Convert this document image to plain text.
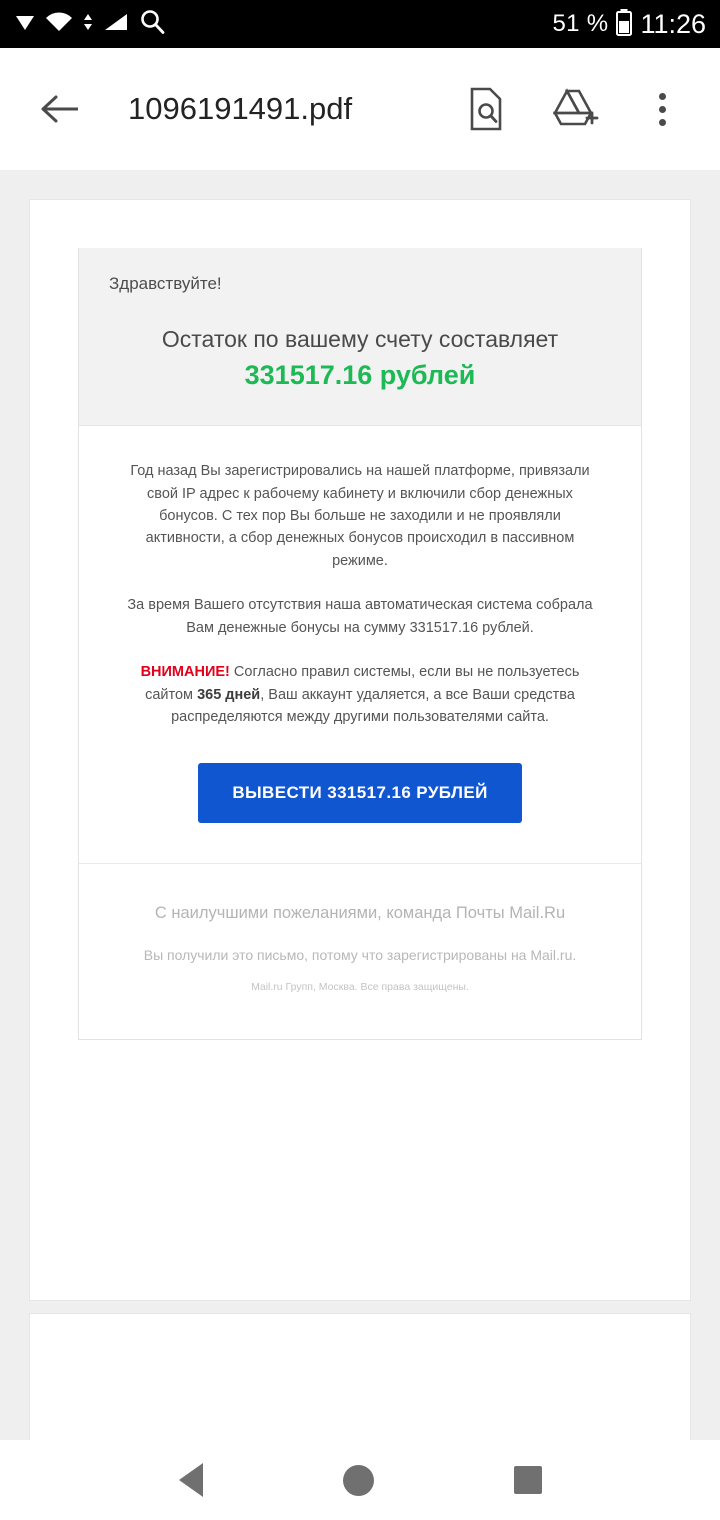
51 % 11:26
1096191491.pdf
Здравствуйте!
Остаток по вашему счету составляет
331517.16 рублей
Год назад Вы зарегистрировались на нашей платформе, привязали свой IP адрес к рабочему кабинету и включили сбор денежных бонусов. С тех пор Вы больше не заходили и не проявляли активности, а сбор денежных бонусов происходил в пассивном режиме.
За время Вашего отсутствия наша автоматическая система собрала Вам денежные бонусы на сумму 331517.16 рублей.
ВНИМАНИЕ! Согласно правил системы, если вы не пользуетесь сайтом 365 дней, Ваш аккаунт удаляется, а все Ваши средства распределяются между другими пользователями сайта.
ВЫВЕСТИ 331517.16 РУБЛЕЙ
С наилучшими пожеланиями, команда Почты Mail.Ru
Вы получили это письмо, потому что зарегистрированы на Mail.ru.
Mail.ru Групп, Москва. Все права защищены.
